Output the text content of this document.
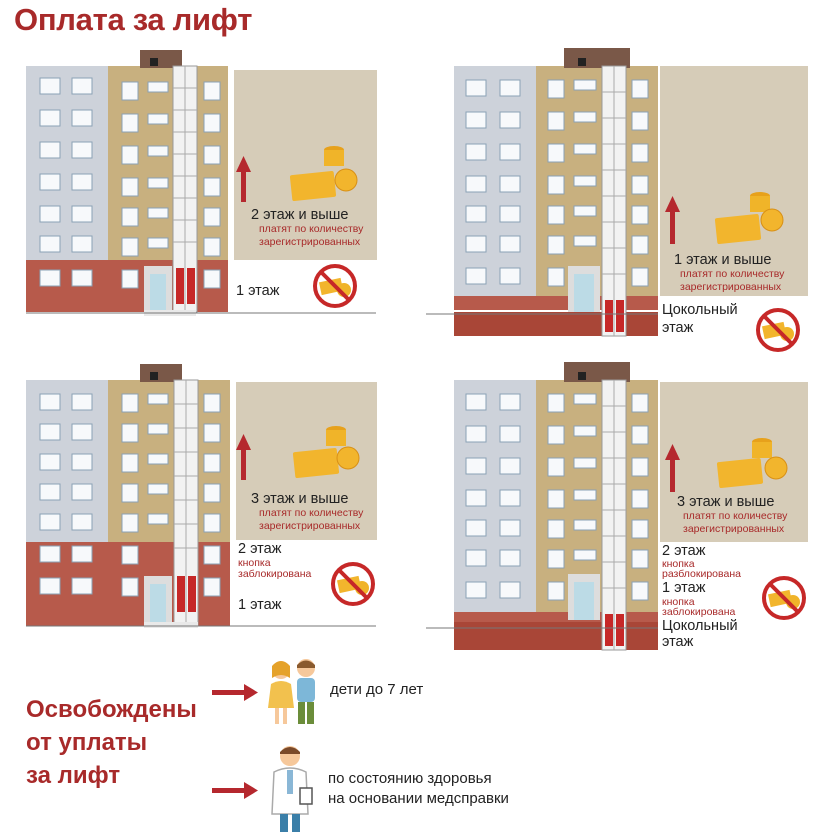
Оплата за лифт
2 этаж и выше
платят по количеству
зарегистрированных
1 этаж
1 этаж и выше
платят по количеству
зарегистрированных
Цокольный
этаж
3 этаж и выше
платят по количеству
зарегистрированных
2 этаж
кнопка
заблокирована
1 этаж
3 этаж и выше
платят по количеству
зарегистрированных
2 этаж
кнопка
разблокирована
1 этаж
кнопка
заблокирована
Цокольный
этаж
Освобождены
от уплаты
за лифт
дети до 7 лет
по состоянию здоровья
на основании медсправки
